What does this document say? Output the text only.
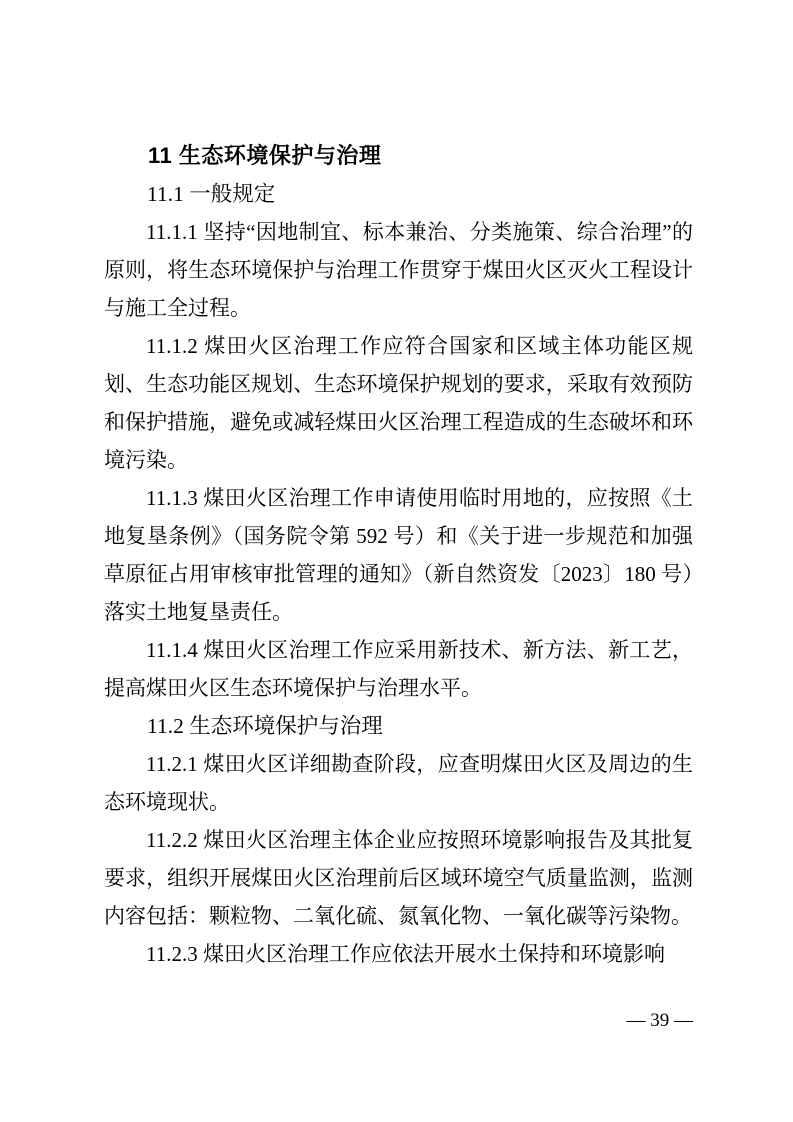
11 生态环境保护与治理
11.1 一般规定

11.1.1 坚持“因地制宜、标本兼治、分类施策、综合治理”的原则，将生态环境保护与治理工作贯穿于煤田火区灭火工程设计与施工全过程。

11.1.2 煤田火区治理工作应符合国家和区域主体功能区规划、生态功能区规划、生态环境保护规划的要求，采取有效预防和保护措施，避免或减轻煤田火区治理工程造成的生态破坏和环境污染。

11.1.3 煤田火区治理工作申请使用临时用地的，应按照《土地复垦条例》（国务院令第 592 号）和《关于进一步规范和加强草原征占用审核审批管理的通知》（新自然资发〔2023〕180 号）落实土地复垦责任。

11.1.4 煤田火区治理工作应采用新技术、新方法、新工艺，提高煤田火区生态环境保护与治理水平。

11.2 生态环境保护与治理

11.2.1 煤田火区详细勘查阶段，应查明煤田火区及周边的生态环境现状。

11.2.2 煤田火区治理主体企业应按照环境影响报告及其批复要求，组织开展煤田火区治理前后区域环境空气质量监测，监测内容包括：颗粒物、二氧化硫、氮氧化物、一氧化碳等污染物。

11.2.3 煤田火区治理工作应依法开展水土保持和环境影响

— 39 —
